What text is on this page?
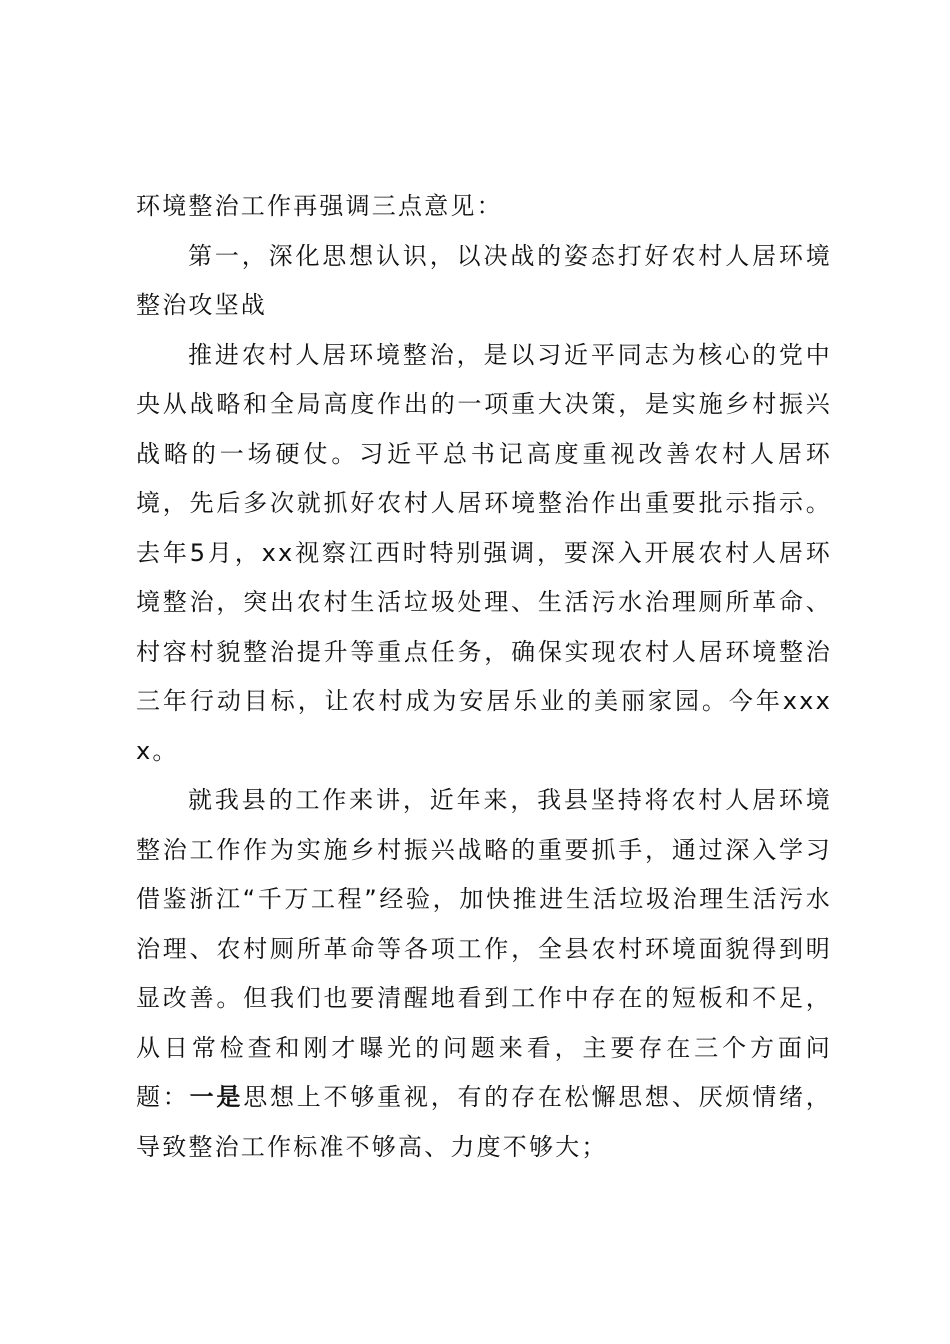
环境整治工作再强调三点意见：

第一，深化思想认识，以决战的姿态打好农村人居环境整治攻坚战

推进农村人居环境整治，是以习近平同志为核心的党中央从战略和全局高度作出的一项重大决策，是实施乡村振兴战略的一场硬仗。习近平总书记高度重视改善农村人居环境，先后多次就抓好农村人居环境整治作出重要批示指示。去年5月，xx视察江西时特别强调，要深入开展农村人居环境整治，突出农村生活垃圾处理、生活污水治理厕所革命、村容村貌整治提升等重点任务，确保实现农村人居环境整治三年行动目标，让农村成为安居乐业的美丽家园。今年xxxx。

就我县的工作来讲，近年来，我县坚持将农村人居环境整治工作作为实施乡村振兴战略的重要抓手，通过深入学习借鉴浙江“千万工程”经验，加快推进生活垃圾治理生活污水治理、农村厕所革命等各项工作，全县农村环境面貌得到明显改善。但我们也要清醒地看到工作中存在的短板和不足，从日常检查和刚才曝光的问题来看，主要存在三个方面问题：一是思想上不够重视，有的存在松懈思想、厌烦情绪，导致整治工作标准不够高、力度不够大；
